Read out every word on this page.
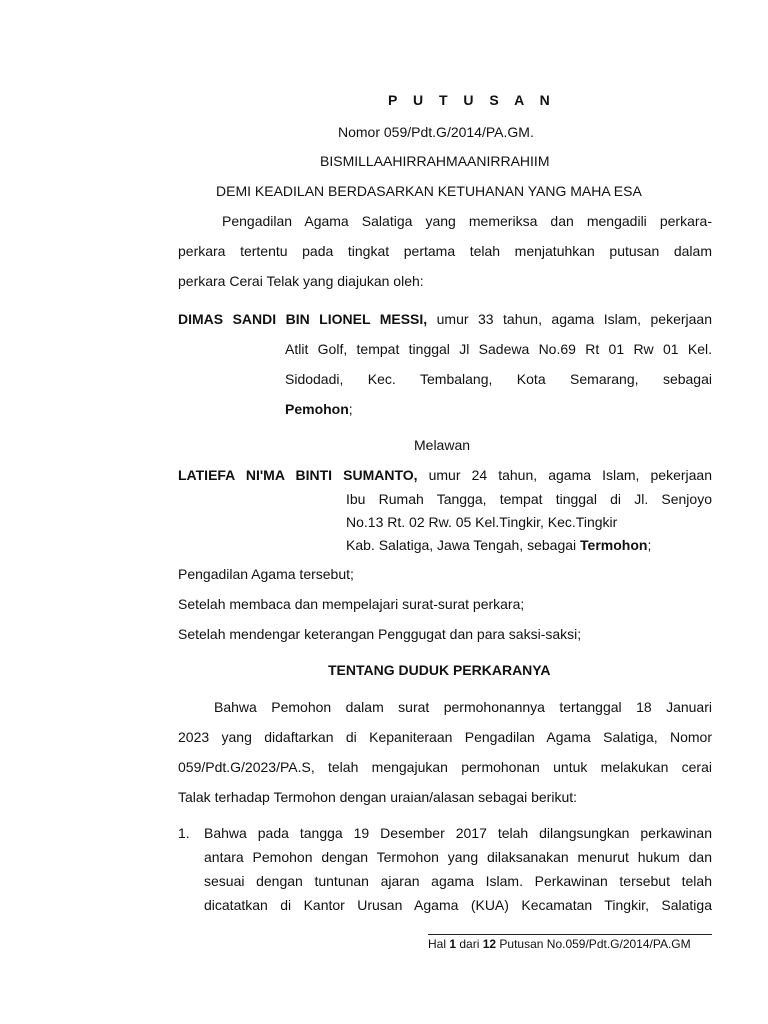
P U T U S A N
Nomor 059/Pdt.G/2014/PA.GM.
BISMILLAAHIRRAHMAANIRRAHIIM
DEMI KEADILAN BERDASARKAN KETUHANAN YANG MAHA ESA
Pengadilan Agama Salatiga yang memeriksa dan mengadili perkara-
perkara tertentu pada tingkat pertama telah menjatuhkan putusan dalam
perkara Cerai Telak yang diajukan oleh:
DIMAS SANDI BIN LIONEL MESSI, umur 33 tahun, agama Islam, pekerjaan
Atlit Golf, tempat tinggal Jl Sadewa No.69 Rt 01 Rw 01 Kel.
Sidodadi, Kec. Tembalang, Kota Semarang, sebagai
Pemohon;
Melawan
LATIEFA NI'MA BINTI SUMANTO, umur 24 tahun, agama Islam, pekerjaan
Ibu Rumah Tangga, tempat tinggal di Jl. Senjoyo
No.13 Rt. 02 Rw. 05 Kel.Tingkir, Kec.Tingkir
Kab. Salatiga, Jawa Tengah, sebagai Termohon;
Pengadilan Agama tersebut;
Setelah membaca dan mempelajari surat-surat perkara;
Setelah mendengar keterangan Penggugat dan para saksi-saksi;
TENTANG DUDUK PERKARANYA
Bahwa Pemohon dalam surat permohonannya tertanggal 18 Januari
2023 yang didaftarkan di Kepaniteraan Pengadilan Agama Salatiga, Nomor
059/Pdt.G/2023/PA.S, telah mengajukan permohonan untuk melakukan cerai
Talak terhadap Termohon dengan uraian/alasan sebagai berikut:
1. Bahwa pada tangga 19 Desember 2017 telah dilangsungkan perkawinan
antara Pemohon dengan Termohon yang dilaksanakan menurut hukum dan
sesuai dengan tuntunan ajaran agama Islam. Perkawinan tersebut telah
dicatatkan di Kantor Urusan Agama (KUA) Kecamatan Tingkir, Salatiga
Hal 1 dari 12 Putusan No.059/Pdt.G/2014/PA.GM
